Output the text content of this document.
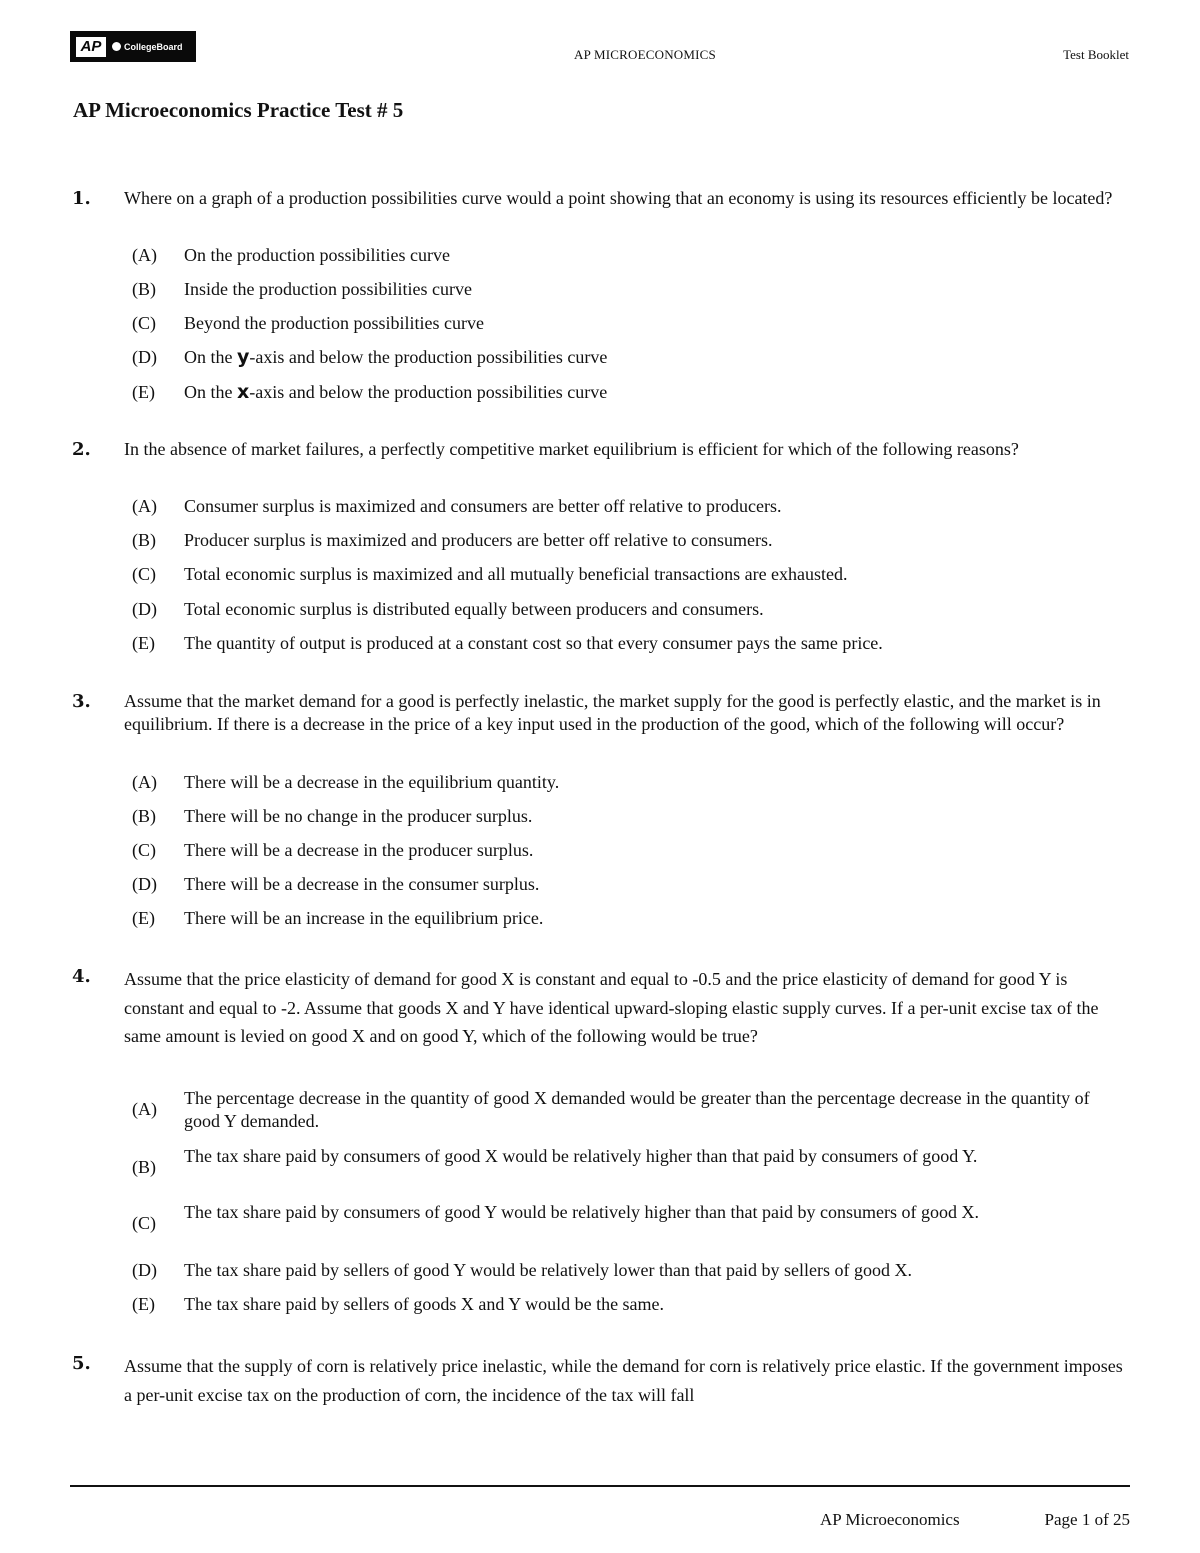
AP	CollegeBoard
AP MICROECONOMICS	Test Booklet
AP Microeconomics Practice Test # 5
1. Where on a graph of a production possibilities curve would a point showing that an economy is using its resources efficiently be located?
(A) On the production possibilities curve
(B) Inside the production possibilities curve
(C) Beyond the production possibilities curve
(D) On the y-axis and below the production possibilities curve
(E) On the x-axis and below the production possibilities curve
2. In the absence of market failures, a perfectly competitive market equilibrium is efficient for which of the following reasons?
(A) Consumer surplus is maximized and consumers are better off relative to producers.
(B) Producer surplus is maximized and producers are better off relative to consumers.
(C) Total economic surplus is maximized and all mutually beneficial transactions are exhausted.
(D) Total economic surplus is distributed equally between producers and consumers.
(E) The quantity of output is produced at a constant cost so that every consumer pays the same price.
3. Assume that the market demand for a good is perfectly inelastic, the market supply for the good is perfectly elastic, and the market is in equilibrium. If there is a decrease in the price of a key input used in the production of the good, which of the following will occur?
(A) There will be a decrease in the equilibrium quantity.
(B) There will be no change in the producer surplus.
(C) There will be a decrease in the producer surplus.
(D) There will be a decrease in the consumer surplus.
(E) There will be an increase in the equilibrium price.
4. Assume that the price elasticity of demand for good X is constant and equal to -0.5 and the price elasticity of demand for good Y is constant and equal to -2. Assume that goods X and Y have identical upward-sloping elastic supply curves. If a per-unit excise tax of the same amount is levied on good X and on good Y, which of the following would be true?
(A)
The percentage decrease in the quantity of good X demanded would be greater than the percentage decrease in the quantity of good Y demanded.
(B)
The tax share paid by consumers of good X would be relatively higher than that paid by consumers of good Y.
(C)
The tax share paid by consumers of good Y would be relatively higher than that paid by consumers of good X.
(D) The tax share paid by sellers of good Y would be relatively lower than that paid by sellers of good X.
(E) The tax share paid by sellers of goods X and Y would be the same.
5. Assume that the supply of corn is relatively price inelastic, while the demand for corn is relatively price elastic. If the government imposes a per-unit excise tax on the production of corn, the incidence of the tax will fall
AP Microeconomics	Page 1 of 25
